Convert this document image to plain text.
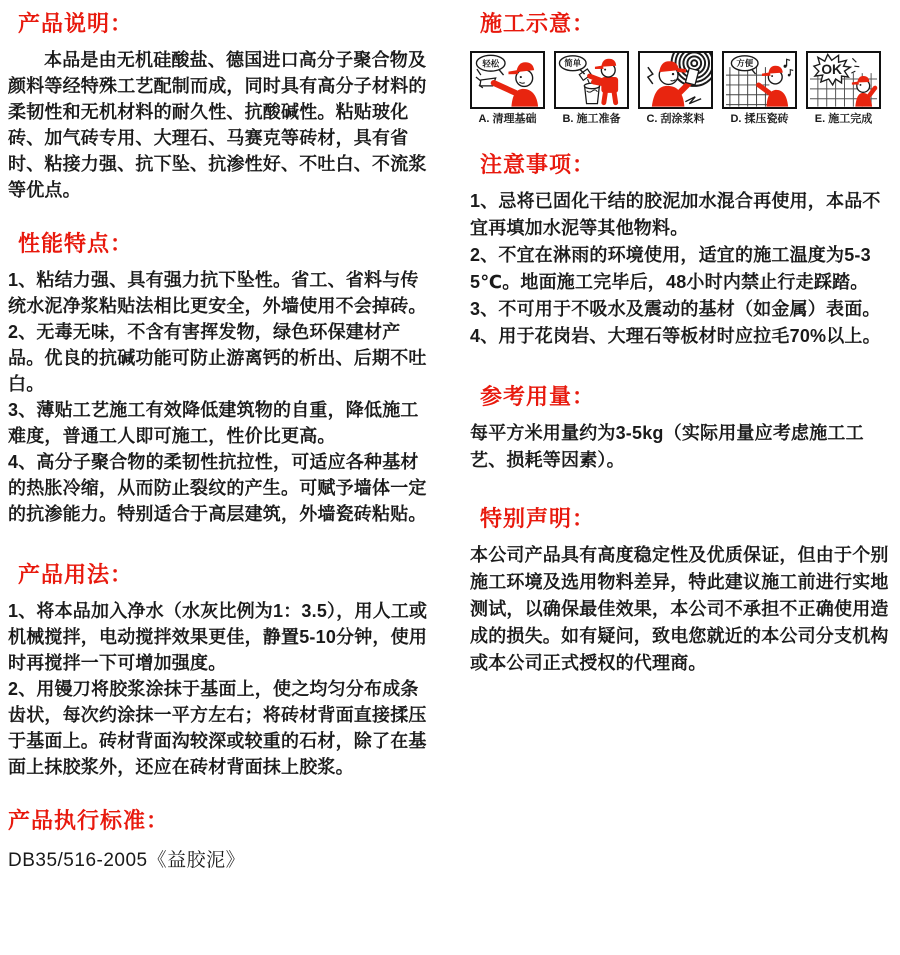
产品说明：

本品是由无机硅酸盐、德国进口高分子聚合物及颜料等经特殊工艺配制而成，同时具有高分子材料的柔韧性和无机材料的耐久性、抗酸碱性。粘贴玻化砖、加气砖专用、大理石、马赛克等砖材，具有省时、粘接力强、抗下坠、抗渗性好、不吐白、不流浆等优点。

性能特点：

1、粘结力强、具有强力抗下坠性。省工、省料与传统水泥净浆粘贴法相比更安全，外墙使用不会掉砖。

2、无毒无味，不含有害挥发物，绿色环保建材产品。优良的抗碱功能可防止游离钙的析出、后期不吐白。

3、薄贴工艺施工有效降低建筑物的自重，降低施工难度，普通工人即可施工，性价比更高。

4、高分子聚合物的柔韧性抗拉性，可适应各种基材的热胀冷缩，从而防止裂纹的产生。可赋予墙体一定的抗渗能力。特别适合于高层建筑，外墙瓷砖粘贴。

产品用法：

1、将本品加入净水（水灰比例为1：3.5），用人工或机械搅拌，电动搅拌效果更佳，静置5-10分钟，使用时再搅拌一下可增加强度。

2、用镘刀将胶浆涂抹于基面上，使之均匀分布成条齿状，每次约涂抹一平方左右；将砖材背面直接揉压于基面上。砖材背面沟较深或较重的石材，除了在基面上抹胶浆外，还应在砖材背面抹上胶浆。

产品执行标准：

DB35/516-2005《益胶泥》

施工示意：
轻松
A. 清理基础
简单
B. 施工准备	C. 刮涂浆料
方便
D. 揉压瓷砖
OK
E. 施工完成
注意事项：

1、忌将已固化干结的胶泥加水混合再使用，本品不宜再填加水泥等其他物料。

2、不宜在淋雨的环境使用，适宜的施工温度为5-35℃。地面施工完毕后，48小时内禁止行走踩踏。

3、不可用于不吸水及震动的基材（如金属）表面。

4、用于花岗岩、大理石等板材时应拉毛70%以上。

参考用量：

每平方米用量约为3-5kg（实际用量应考虑施工工艺、损耗等因素）。

特别声明：

本公司产品具有高度稳定性及优质保证，但由于个别施工环境及选用物料差异，特此建议施工前进行实地测试，以确保最佳效果，本公司不承担不正确使用造成的损失。如有疑问，致电您就近的本公司分支机构或本公司正式授权的代理商。
